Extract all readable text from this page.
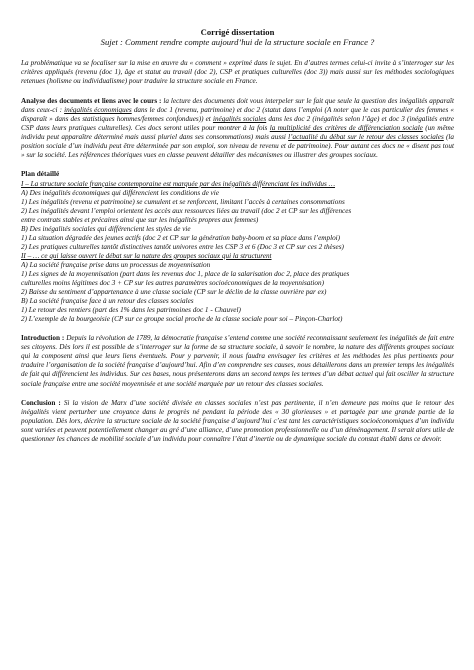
Corrigé dissertation
Sujet : Comment rendre compte aujourd’hui de la structure sociale en France ?

La problématique va se focaliser sur la mise en œuvre du « comment » exprimé dans le sujet. En d’autres termes celui-ci invite à s’interroger sur les critères appliqués (revenu (doc 1), âge et statut au travail (doc 2), CSP et pratiques culturelles (doc 3)) mais aussi sur les méthodes sociologiques retenues (holisme ou individualisme) pour traduire la structure sociale en France.

Analyse des documents et liens avec le cours : la lecture des documents doit vous interpeler sur le fait que seule la question des inégalités apparaît dans ceux-ci : inégalités économiques dans le doc 1 (revenu, patrimoine) et doc 2 (statut dans l’emploi (A noter que le cas particulier des femmes « disparaît » dans des statistiques hommes/femmes confondues)) et inégalités sociales dans les doc 2 (inégalités selon l’âge) et doc 3 (inégalités entre CSP dans leurs pratiques culturelles). Ces docs seront utiles pour montrer à la fois la multiplicité des critères de différenciation sociale (un même individu peut apparaître déterminé mais aussi pluriel dans ses consommations) mais aussi l’actualité du débat sur le retour des classes sociales (la position sociale d’un individu peut être déterminée par son emploi, son niveau de revenu et de patrimoine). Pour autant ces docs ne « disent pas tout » sur la société. Les références théoriques vues en classe peuvent détailler des mécanismes ou illustrer des groupes sociaux.

Plan détaillé
I – La structure sociale française contemporaine est marquée par des inégalités différenciant les individus …
A) Des inégalités économiques qui différencient les conditions de vie
1) Les inégalités (revenu et patrimoine) se cumulent et se renforcent, limitant l’accès à certaines consommations
2) Les inégalités devant l’emploi orientent les accès aux ressources liées au travail (doc 2 et CP sur les différences
entre contrats stables et précaires ainsi que sur les inégalités propres aux femmes)
B) Des inégalités sociales qui différencient les styles de vie
1) La situation dégradée des jeunes actifs (doc 2 et CP sur la génération baby-boom et sa place dans l’emploi)
2) Les pratiques culturelles tantôt distinctives tantôt univores entre les CSP 3 et 6 (Doc 3 et CP sur ces 2 thèses)
II – … ce qui laisse ouvert le débat sur la nature des groupes sociaux qui la structurent
A) La société française prise dans un processus de moyennisation
1) Les signes de la moyennisation (part dans les revenus doc 1, place de la salarisation doc 2, place des pratiques
culturelles moins légitimes doc 3 + CP sur les autres paramètres socioéconomiques de la moyennisation)
2) Baisse du sentiment d’appartenance à une classe sociale (CP sur le déclin de la classe ouvrière par ex)
B) La société française face à un retour des classes sociales
1) Le retour des rentiers (part des 1% dans les patrimoines doc 1 - Chauvel)
2) L’exemple de la bourgeoisie (CP sur ce groupe social proche de la classe sociale pour soi – Pinçon-Charlot)

Introduction : Depuis la révolution de 1789, la démocratie française s’entend comme une société reconnaissant seulement les inégalités de fait entre ses citoyens. Dès lors il est possible de s’interroger sur la forme de sa structure sociale, à savoir le nombre, la nature des différents groupes sociaux qui la composent ainsi que leurs liens éventuels. Pour y parvenir, il nous faudra envisager les critères et les méthodes les plus pertinents pour traduire l’organisation de la société française d’aujourd’hui. Afin d’en comprendre ses causes, nous détaillerons dans un premier temps les inégalités de fait qui différencient les individus. Sur ces bases, nous présenterons dans un second temps les termes d’un débat actuel qui fait osciller la structure sociale française entre une société moyennisée et une société marquée par un retour des classes sociales.

Conclusion : Si la vision de Marx d’une société divisée en classes sociales n’est pas pertinente, il n’en demeure pas moins que le retour des inégalités vient perturber une croyance dans le progrès né pendant la période des « 30 glorieuses » et partagée par une grande partie de la population. Dès lors, décrire la structure sociale de la société française d’aujourd’hui c’est tant les caractéristiques socioéconomiques d’un individu sont variées et peuvent potentiellement changer au gré d’une alliance, d’une promotion professionnelle ou d’un déménagement. Il serait alors utile de questionner les chances de mobilité sociale d’un individu pour connaître l’état d’inertie ou de dynamique sociale du constat établi dans ce devoir.
